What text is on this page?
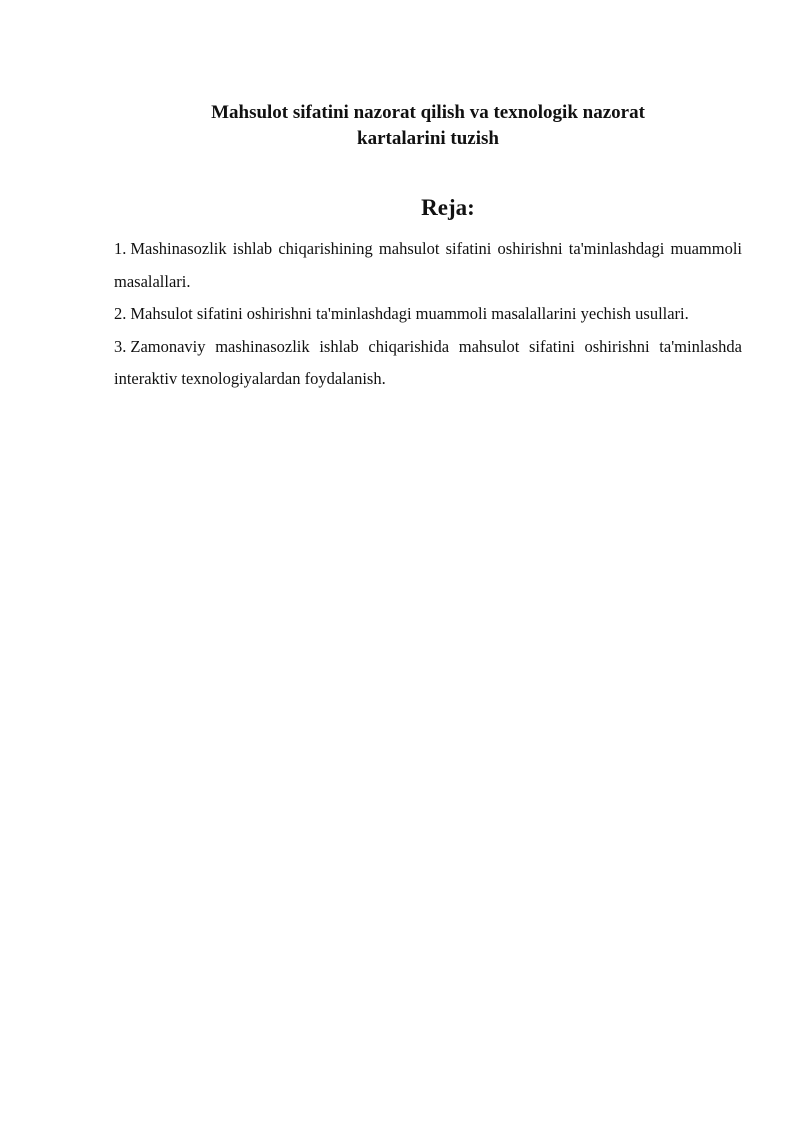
Mahsulot sifatini nazorat qilish va texnologik nazorat
kartalarini tuzish
Reja:
1. Mashinasozlik ishlab chiqarishining mahsulot sifatini oshirishni ta'minlashdagi muammoli masalallari.
2. Mahsulot sifatini oshirishni ta'minlashdagi muammoli masalallarini yechish usullari.
3. Zamonaviy mashinasozlik ishlab chiqarishida mahsulot sifatini oshirishni ta'minlashda interaktiv texnologiyalardan foydalanish.
